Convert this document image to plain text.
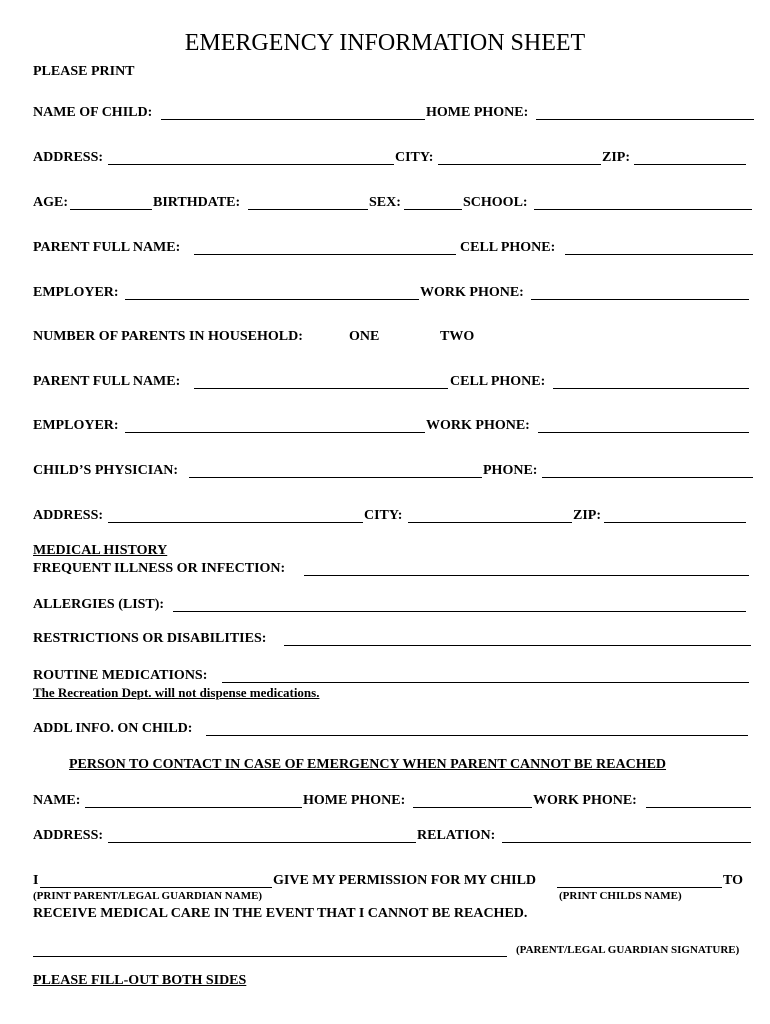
EMERGENCY INFORMATION SHEET
PLEASE PRINT
NAME OF CHILD:	HOME PHONE:
ADDRESS:	CITY:	ZIP:
AGE:	BIRTHDATE:	SEX:	SCHOOL:
PARENT FULL NAME:	CELL PHONE:
EMPLOYER:	WORK PHONE:
NUMBER OF PARENTS IN HOUSEHOLD:	ONE	TWO
PARENT FULL NAME:	CELL PHONE:
EMPLOYER:	WORK PHONE:
CHILD’S PHYSICIAN:	PHONE:
ADDRESS:	CITY:	ZIP:
MEDICAL HISTORY
FREQUENT ILLNESS OR INFECTION:
ALLERGIES (LIST):
RESTRICTIONS OR DISABILITIES:
ROUTINE MEDICATIONS:
The Recreation Dept. will not dispense medications.
ADDL INFO. ON CHILD:
PERSON TO CONTACT IN CASE OF EMERGENCY WHEN PARENT CANNOT BE REACHED
NAME:	HOME PHONE:	WORK PHONE:
ADDRESS:	RELATION:
I	GIVE MY PERMISSION FOR MY CHILD	TO
(PRINT PARENT/LEGAL GUARDIAN NAME)	(PRINT CHILDS NAME)
RECEIVE MEDICAL CARE IN THE EVENT THAT I CANNOT BE REACHED.
(PARENT/LEGAL GUARDIAN SIGNATURE)
PLEASE FILL-OUT BOTH SIDES
